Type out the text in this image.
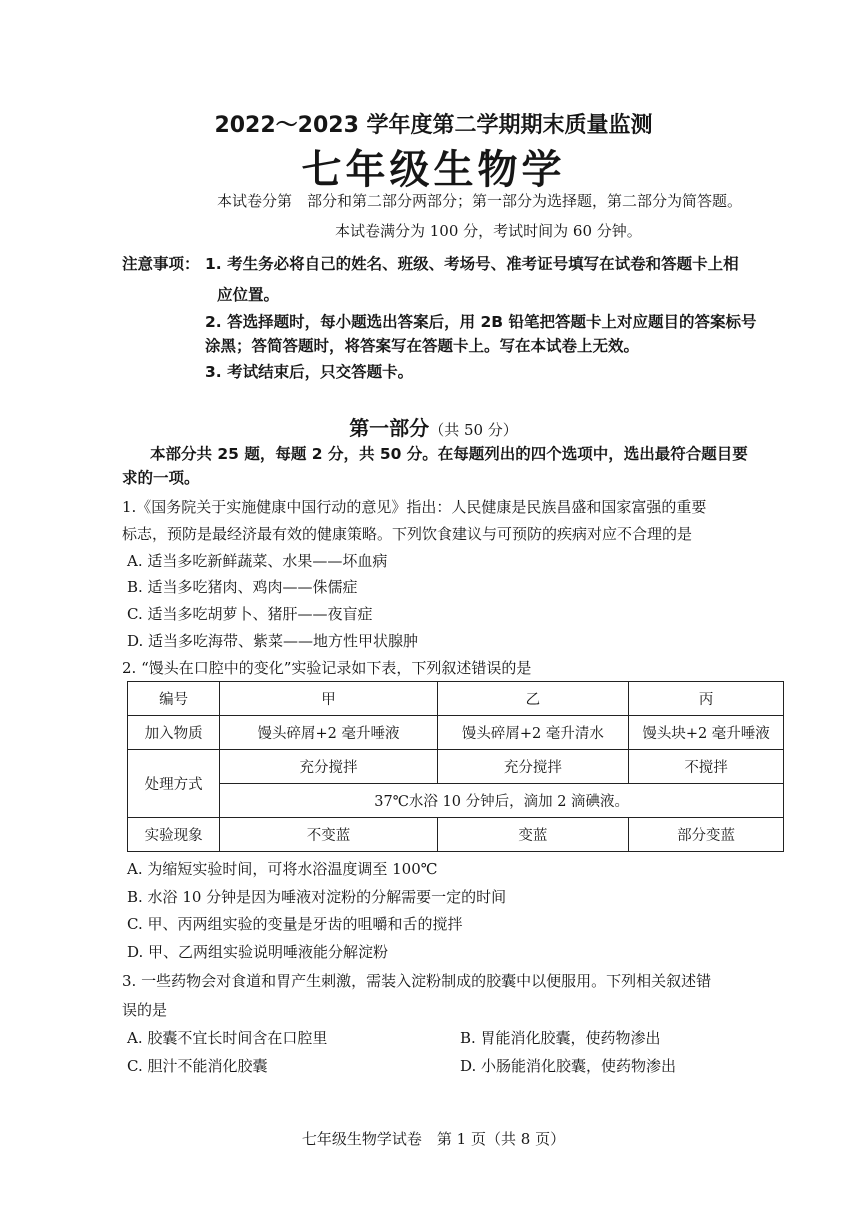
2022～2023 学年度第二学期期末质量监测
七年级生物学
本试卷分第　部分和第二部分两部分；第一部分为选择题，第二部分为简答题。
本试卷满分为 100 分，考试时间为 60 分钟。
注意事项： 1. 考生务必将自己的姓名、班级、考场号、准考证号填写在试卷和答题卡上相
应位置。
2. 答选择题时，每小题选出答案后，用 2B 铅笔把答题卡上对应题目的答案标号
涂黑；答简答题时，将答案写在答题卡上。写在本试卷上无效。
3. 考试结束后，只交答题卡。
第一部分（共 50 分）
本部分共 25 题，每题 2 分，共 50 分。在每题列出的四个选项中，选出最符合题目要
求的一项。
1.《国务院关于实施健康中国行动的意见》指出：人民健康是民族昌盛和国家富强的重要
标志，预防是最经济最有效的健康策略。下列饮食建议与可预防的疾病对应不合理的是
A. 适当多吃新鲜蔬菜、水果——坏血病
B. 适当多吃猪肉、鸡肉——侏儒症
C. 适当多吃胡萝卜、猪肝——夜盲症
D. 适当多吃海带、紫菜——地方性甲状腺肿
2. “馒头在口腔中的变化”实验记录如下表，下列叙述错误的是
编号	甲	乙	丙
加入物质	馒头碎屑+2 毫升唾液	馒头碎屑+2 毫升清水	馒头块+2 毫升唾液
处理方式	充分搅拌	充分搅拌	不搅拌
	37℃水浴 10 分钟后，滴加 2 滴碘液。		
实验现象	不变蓝	变蓝	部分变蓝
A. 为缩短实验时间，可将水浴温度调至 100℃
B. 水浴 10 分钟是因为唾液对淀粉的分解需要一定的时间
C. 甲、丙两组实验的变量是牙齿的咀嚼和舌的搅拌
D. 甲、乙两组实验说明唾液能分解淀粉
3. 一些药物会对食道和胃产生刺激，需装入淀粉制成的胶囊中以便服用。下列相关叙述错
误的是
A. 胶囊不宜长时间含在口腔里	B. 胃能消化胶囊，使药物渗出
C. 胆汁不能消化胶囊	D. 小肠能消化胶囊，使药物渗出
七年级生物学试卷　第 1 页（共 8 页）
